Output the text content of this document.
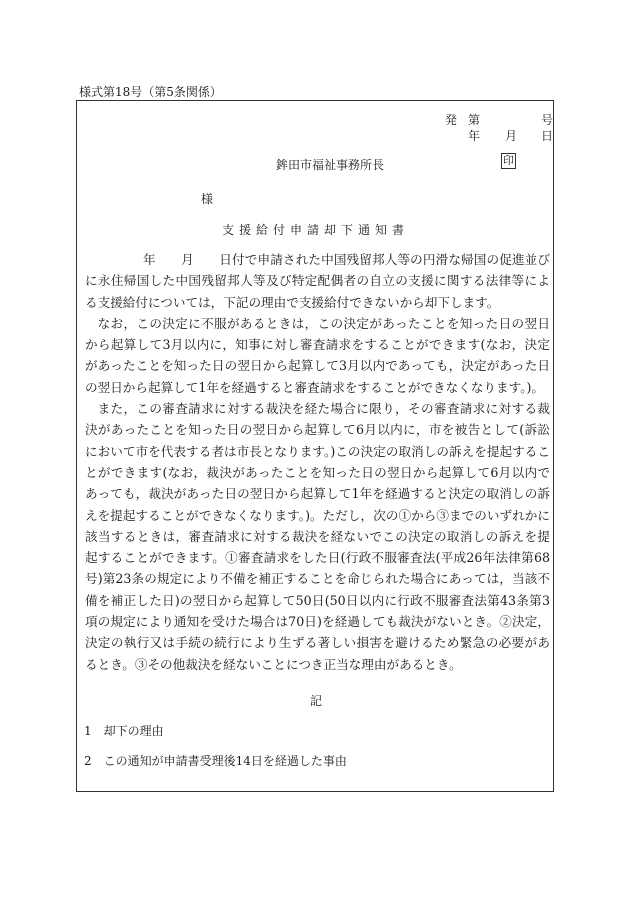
様式第18号（第5条関係）
発 第	号
年 月 日
鉾田市福祉事務所長	印
様
支援給付申請却下通知書

年　　月　　日付で申請された中国残留邦人等の円滑な帰国の促進並びに永住帰国した中国残留邦人等及び特定配偶者の自立の支援に関する法律等による支援給付については，下記の理由で支援給付できないから却下します。

なお，この決定に不服があるときは，この決定があったことを知った日の翌日から起算して3月以内に，知事に対し審査請求をすることができます(なお，決定があったことを知った日の翌日から起算して3月以内であっても，決定があった日の翌日から起算して1年を経過すると審査請求をすることができなくなります。)。

また，この審査請求に対する裁決を経た場合に限り，その審査請求に対する裁決があったことを知った日の翌日から起算して6月以内に，市を被告として(訴訟において市を代表する者は市長となります。)この決定の取消しの訴えを提起することができます(なお，裁決があったことを知った日の翌日から起算して6月以内であっても，裁決があった日の翌日から起算して1年を経過すると決定の取消しの訴えを提起することができなくなります。)。ただし，次の①から③までのいずれかに該当するときは，審査請求に対する裁決を経ないでこの決定の取消しの訴えを提起することができます。①審査請求をした日(行政不服審査法(平成26年法律第68号)第23条の規定により不備を補正することを命じられた場合にあっては，当該不備を補正した日)の翌日から起算して50日(50日以内に行政不服審査法第43条第3項の規定により通知を受けた場合は70日)を経過しても裁決がないとき。②決定，決定の執行又は手続の続行により生ずる著しい損害を避けるため緊急の必要があるとき。③その他裁決を経ないことにつき正当な理由があるとき。

記
1　却下の理由
2　この通知が申請書受理後14日を経過した事由
